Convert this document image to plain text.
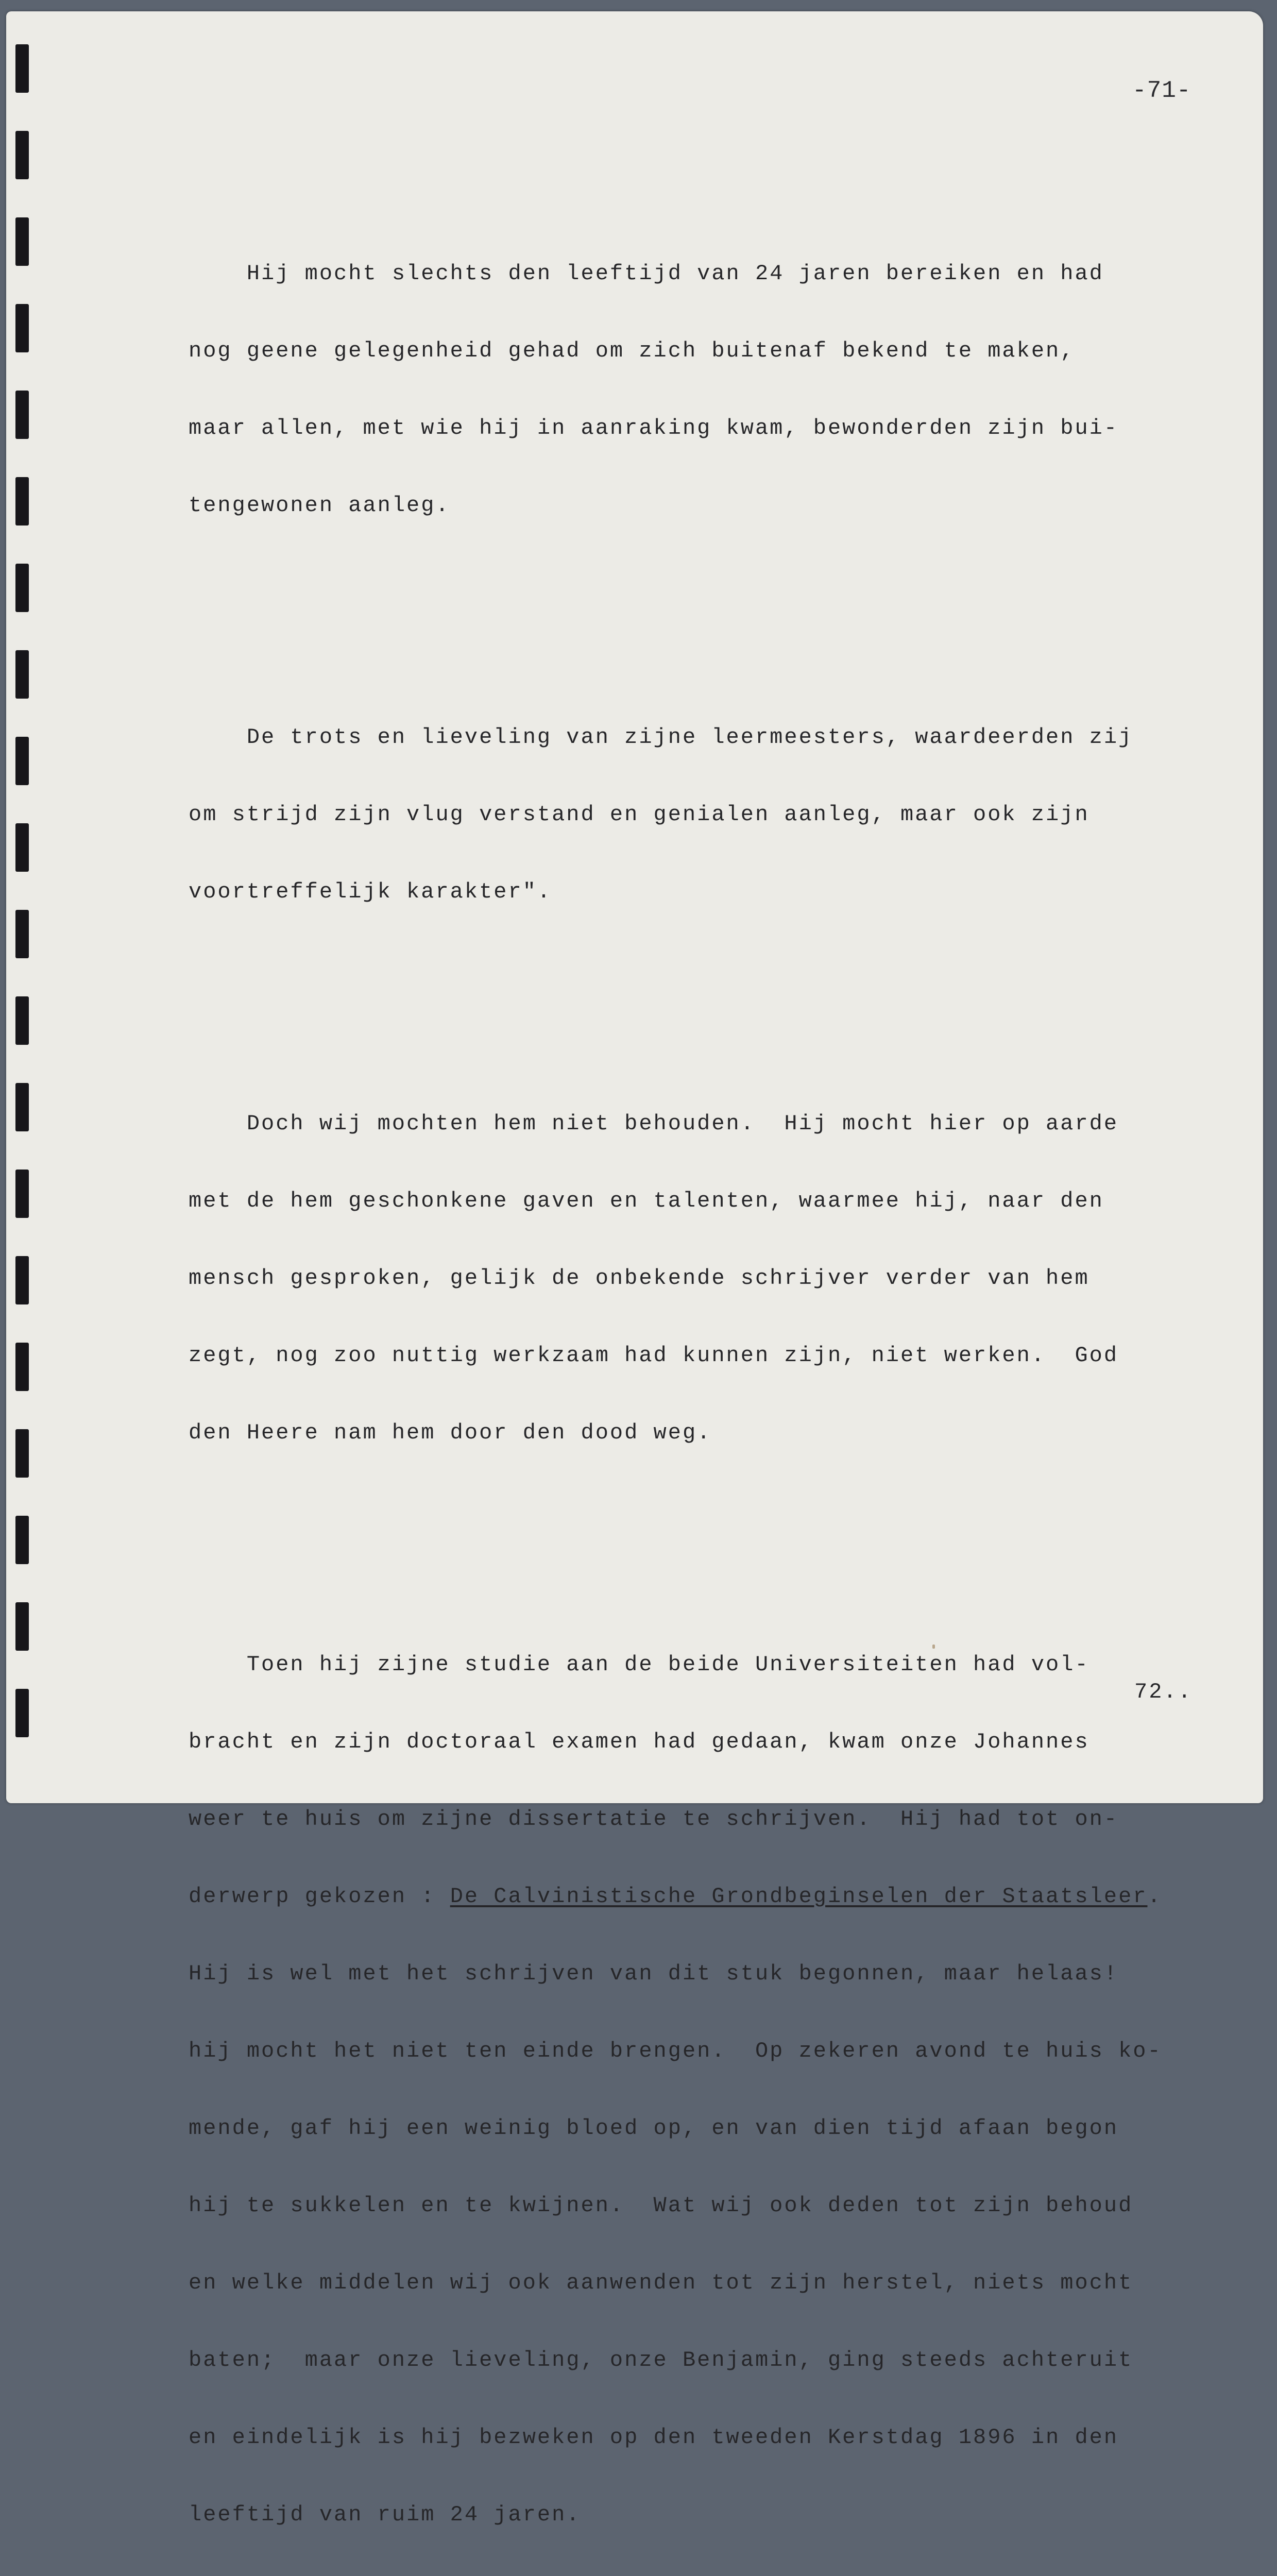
-71-

Hij mocht slechts den leeftijd van 24 jaren bereiken en had

nog geene gelegenheid gehad om zich buitenaf bekend te maken,

maar allen, met wie hij in aanraking kwam, bewonderden zijn bui-

tengewonen aanleg.

De trots en lieveling van zijne leermeesters, waardeerden zij

om strijd zijn vlug verstand en genialen aanleg, maar ook zijn

voortreffelijk karakter".

Doch wij mochten hem niet behouden.  Hij mocht hier op aarde

met de hem geschonkene gaven en talenten, waarmee hij, naar den

mensch gesproken, gelijk de onbekende schrijver verder van hem

zegt, nog zoo nuttig werkzaam had kunnen zijn, niet werken.  God

den Heere nam hem door den dood weg.

Toen hij zijne studie aan de beide Universiteiten had vol-

bracht en zijn doctoraal examen had gedaan, kwam onze Johannes

weer te huis om zijne dissertatie te schrijven.  Hij had tot on-

derwerp gekozen : De Calvinistische Grondbeginselen der Staatsleer.

Hij is wel met het schrijven van dit stuk begonnen, maar helaas!

hij mocht het niet ten einde brengen.  Op zekeren avond te huis ko-

mende, gaf hij een weinig bloed op, en van dien tijd afaan begon

hij te sukkelen en te kwijnen.  Wat wij ook deden tot zijn behoud

en welke middelen wij ook aanwenden tot zijn herstel, niets mocht

baten;  maar onze lieveling, onze Benjamin, ging steeds achteruit

en eindelijk is hij bezweken op den tweeden Kerstdag 1896 in den

leeftijd van ruim 24 jaren.

72..
